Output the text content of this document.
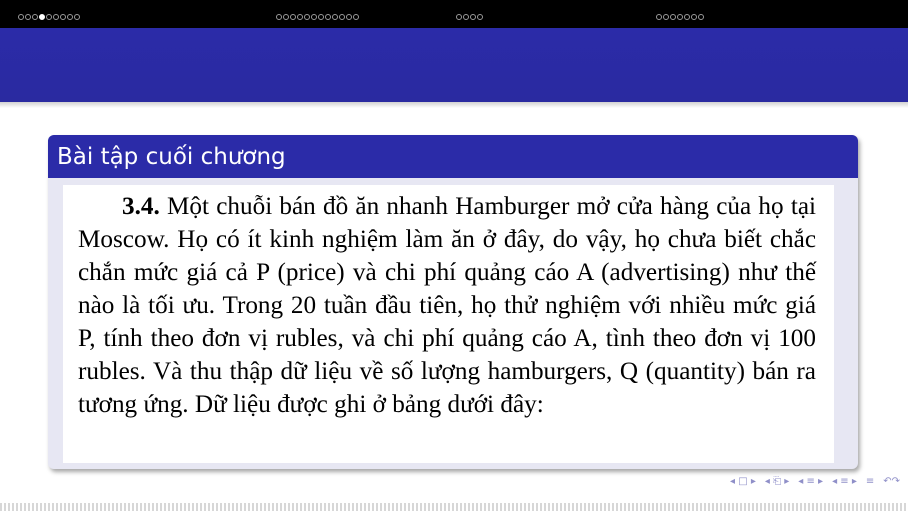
Bài tập cuối chương

3.4. Một chuỗi bán đồ ăn nhanh Hamburger mở cửa hàng của họ tại Moscow. Họ có ít kinh nghiệm làm ăn ở đây, do vậy, họ chưa biết chắc chắn mức giá cả P (price) và chi phí quảng cáo A (advertising) như thế nào là tối ưu. Trong 20 tuần đầu tiên, họ thử nghiệm với nhiều mức giá P, tính theo đơn vị rubles, và chi phí quảng cáo A, tình theo đơn vị 100 rubles. Và thu thập dữ liệu về số lượng hamburgers, Q (quantity) bán ra tương ứng. Dữ liệu được ghi ở bảng dưới đây:

◂ □ ▸ ◂ ⎗ ▸ ◂ ≡ ▸ ◂ ≡ ▸ ≡ ↶↷
